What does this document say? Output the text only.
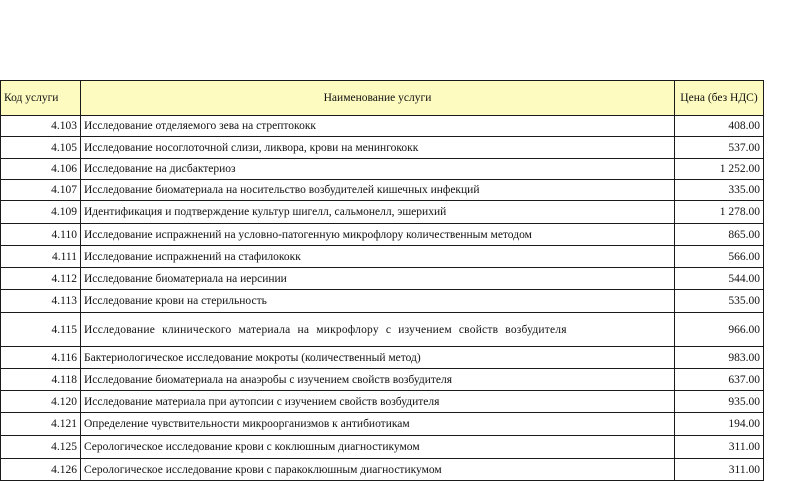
Код услуги	Наименование услуги	Цена (без НДС)
4.103	Исследование отделяемого зева на стрептококк	408.00
4.105	Исследование носоглоточной слизи, ликвора, крови на менингококк	537.00
4.106	Исследование на дисбактериоз	1 252.00
4.107	Исследование биоматериала на носительство возбудителей кишечных инфекций	335.00
4.109	Идентификация и подтверждение культур шигелл, сальмонелл, эшерихий	1 278.00
4.110	Исследование испражнений на условно-патогенную микрофлору количественным методом	865.00
4.111	Исследование испражнений на стафилококк	566.00
4.112	Исследование биоматериала на иерсинии	544.00
4.113	Исследование крови на стерильность	535.00
4.115	Исследование клинического материала на микрофлору с изучением свойств возбудителя	966.00
4.116	Бактериологическое исследование мокроты (количественный метод)	983.00
4.118	Исследование биоматериала на анаэробы с изучением свойств возбудителя	637.00
4.120	Исследование материала при аутопсии с изучением свойств возбудителя	935.00
4.121	Определение чувствительности микроорганизмов к антибиотикам	194.00
4.125	Серологическое исследование крови с коклюшным диагностикумом	311.00
4.126	Серологическое исследование крови с паракоклюшным диагностикумом	311.00
